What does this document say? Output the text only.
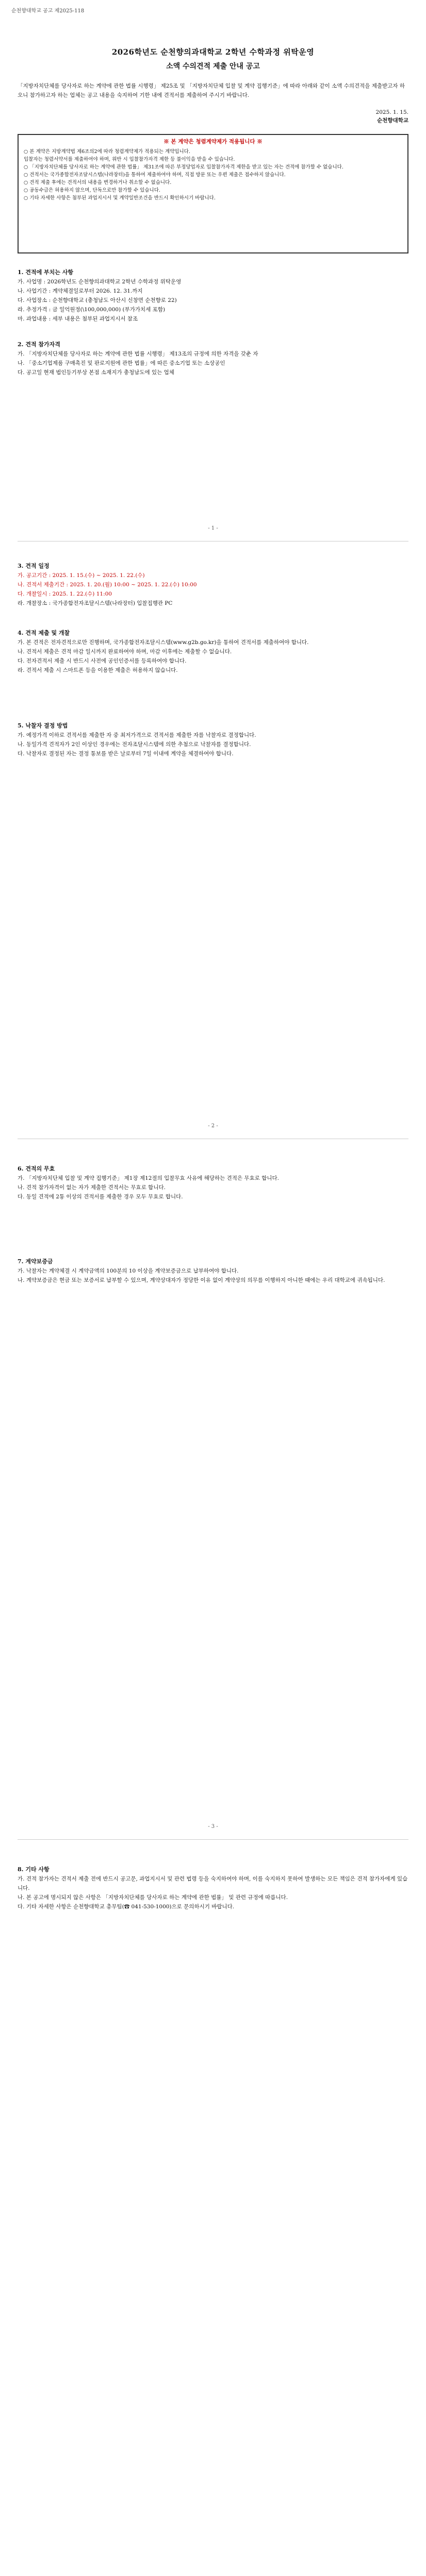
순천향대학교 공고 제2025-118
2026학년도 순천향의과대학교 2학년 수학과정 위탁운영
소액 수의견적 제출 안내 공고
「지방자치단체를 당사자로 하는 계약에 관한 법률 시행령」 제25조 및 「지방자치단체 입찰 및 계약 집행기준」에 따라 아래와 같이 소액 수의견적을 제출받고자 하오니 참가하고자 하는 업체는 공고 내용을 숙지하여 기한 내에 견적서를 제출하여 주시기 바랍니다.
2025. 1. 15.
순천향대학교
※ 본 계약은 청렴계약제가 적용됩니다 ※

○ 본 계약은 지방계약법 제6조의2에 따라 청렴계약제가 적용되는 계약입니다.

입찰자는 청렴서약서를 제출하여야 하며, 위반 시 입찰참가자격 제한 등 불이익을 받을 수 있습니다.

○ 「지방자치단체를 당사자로 하는 계약에 관한 법률」 제31조에 따른 부정당업자로 입찰참가자격 제한을 받고 있는 자는 견적에 참가할 수 없습니다.

○ 견적서는 국가종합전자조달시스템(나라장터)을 통하여 제출하여야 하며, 직접 방문 또는 우편 제출은 접수하지 않습니다.

○ 견적 제출 후에는 견적서의 내용을 변경하거나 취소할 수 없습니다.

○ 공동수급은 허용하지 않으며, 단독으로만 참가할 수 있습니다.

○ 기타 자세한 사항은 첨부된 과업지시서 및 계약일반조건을 반드시 확인하시기 바랍니다.

1. 견적에 부치는 사항

가. 사업명 : 2026학년도 순천향의과대학교 2학년 수학과정 위탁운영

나. 사업기간 : 계약체결일로부터 2026. 12. 31.까지

다. 사업장소 : 순천향대학교 (충청남도 아산시 신창면 순천향로 22)

라. 추정가격 : 금 일억원정(\100,000,000) (부가가치세 포함)

마. 과업내용 : 세부 내용은 첨부된 과업지시서 참조

2. 견적 참가자격

가. 「지방자치단체를 당사자로 하는 계약에 관한 법률 시행령」 제13조의 규정에 의한 자격을 갖춘 자

나. 「중소기업제품 구매촉진 및 판로지원에 관한 법률」에 따른 중소기업 또는 소상공인

다. 공고일 현재 법인등기부상 본점 소재지가 충청남도에 있는 업체

- 1 -
3. 견적 일정

가. 공고기간 : 2025. 1. 15.(수) ~ 2025. 1. 22.(수)

나. 견적서 제출기간 : 2025. 1. 20.(월) 10:00 ~ 2025. 1. 22.(수) 10:00

다. 개찰일시 : 2025. 1. 22.(수) 11:00

라. 개찰장소 : 국가종합전자조달시스템(나라장터) 입찰집행관 PC

4. 견적 제출 및 개찰

가. 본 견적은 전자견적으로만 진행하며, 국가종합전자조달시스템(www.g2b.go.kr)을 통하여 견적서를 제출하여야 합니다.

나. 견적서 제출은 견적 마감 일시까지 완료하여야 하며, 마감 이후에는 제출할 수 없습니다.

다. 전자견적서 제출 시 반드시 사전에 공인인증서를 등록하여야 합니다.

라. 견적서 제출 시 스마트폰 등을 이용한 제출은 허용하지 않습니다.

5. 낙찰자 결정 방법

가. 예정가격 이하로 견적서를 제출한 자 중 최저가격으로 견적서를 제출한 자를 낙찰자로 결정합니다.

나. 동일가격 견적자가 2인 이상인 경우에는 전자조달시스템에 의한 추첨으로 낙찰자를 결정합니다.

다. 낙찰자로 결정된 자는 결정 통보를 받은 날로부터 7일 이내에 계약을 체결하여야 합니다.

- 2 -
6. 견적의 무효

가. 「지방자치단체 입찰 및 계약 집행기준」 제1장 제12절의 입찰무효 사유에 해당하는 견적은 무효로 합니다.

나. 견적 참가자격이 없는 자가 제출한 견적서는 무효로 합니다.

다. 동일 견적에 2통 이상의 견적서를 제출한 경우 모두 무효로 합니다.

7. 계약보증금

가. 낙찰자는 계약체결 시 계약금액의 100분의 10 이상을 계약보증금으로 납부하여야 합니다.

나. 계약보증금은 현금 또는 보증서로 납부할 수 있으며, 계약상대자가 정당한 이유 없이 계약상의 의무를 이행하지 아니한 때에는 우리 대학교에 귀속됩니다.

- 3 -
8. 기타 사항

가. 견적 참가자는 견적서 제출 전에 반드시 공고문, 과업지시서 및 관련 법령 등을 숙지하여야 하며, 이를 숙지하지 못하여 발생하는 모든 책임은 견적 참가자에게 있습니다.

나. 본 공고에 명시되지 않은 사항은 「지방자치단체를 당사자로 하는 계약에 관한 법률」 및 관련 규정에 따릅니다.

다. 기타 자세한 사항은 순천향대학교 총무팀(☎ 041-530-1000)으로 문의하시기 바랍니다.
